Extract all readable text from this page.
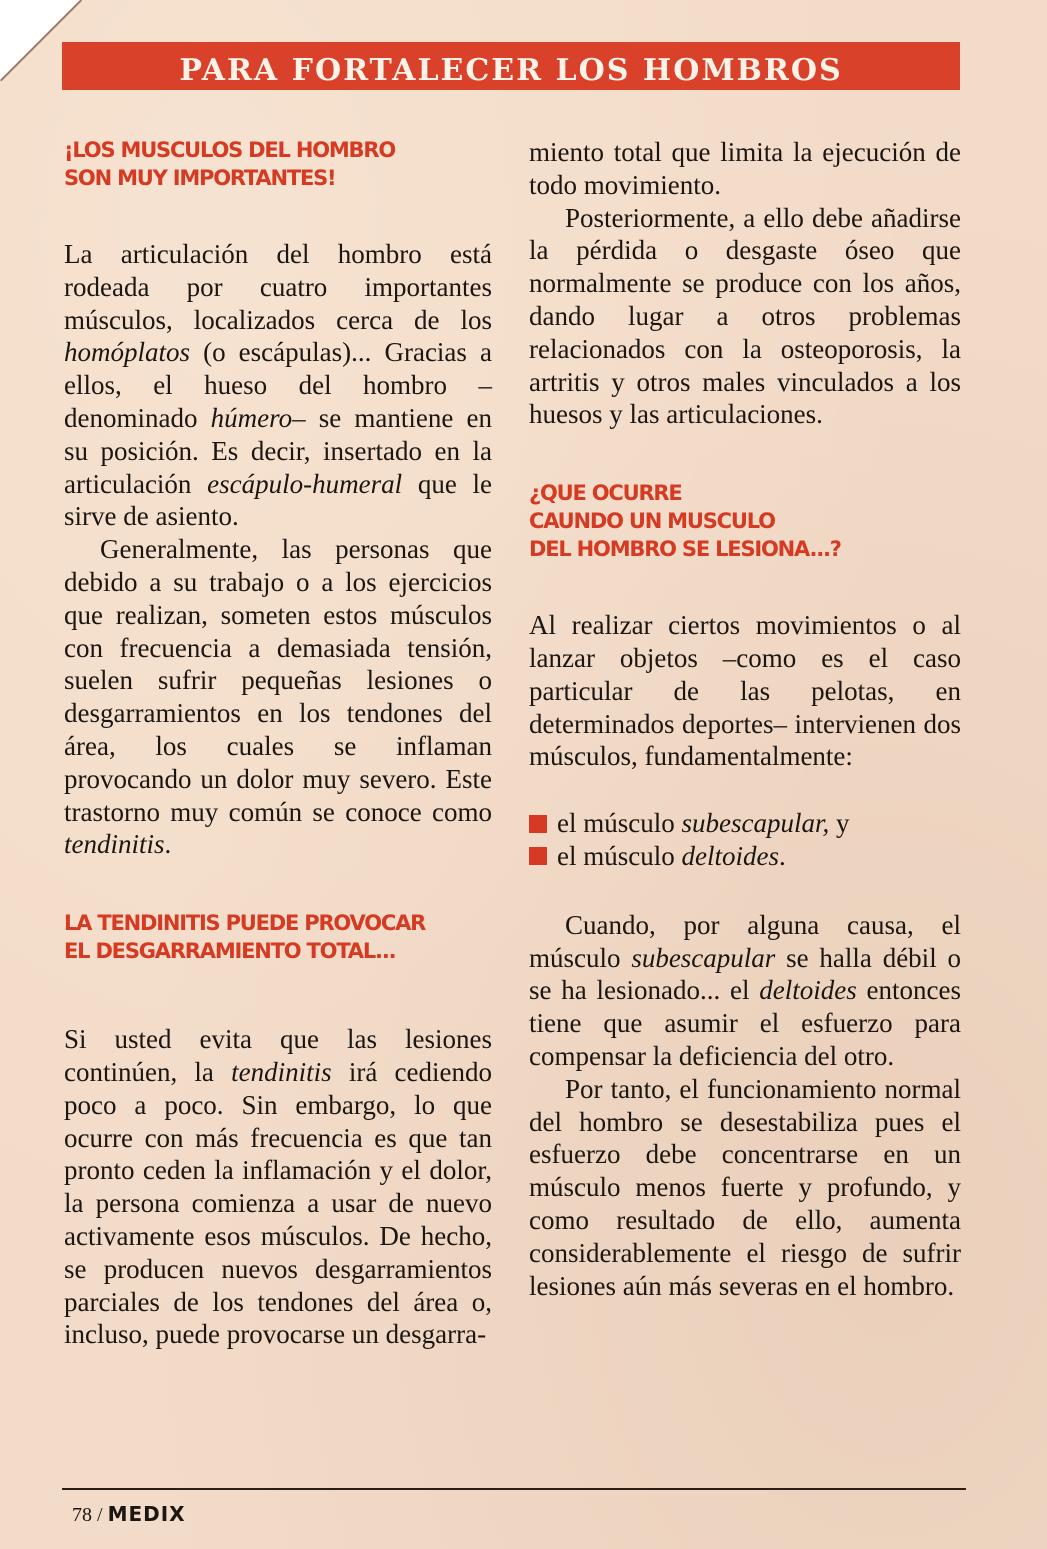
PARA FORTALECER LOS HOMBROS
¡LOS MUSCULOS DEL HOMBRO
SON MUY IMPORTANTES!

La articulación del hombro está rodeada por cuatro importantes músculos, localizados cerca de los homóplatos (o escápulas)... Gracias a ellos, el hueso del hombro –denominado húmero– se mantiene en su posición. Es decir, insertado en la articulación escápulo-humeral que le sirve de asiento.

Generalmente, las personas que debido a su trabajo o a los ejercicios que realizan, someten estos músculos con frecuencia a demasiada tensión, suelen sufrir pequeñas lesiones o desgarramientos en los tendones del área, los cuales se inflaman provocando un dolor muy severo. Este trastorno muy común se conoce como tendinitis.

LA TENDINITIS PUEDE PROVOCAR
EL DESGARRAMIENTO TOTAL...

Si usted evita que las lesiones continúen, la tendinitis irá cediendo poco a poco. Sin embargo, lo que ocurre con más frecuencia es que tan pronto ceden la inflamación y el dolor, la persona comienza a usar de nuevo activamente esos músculos. De hecho, se producen nuevos desgarramientos parciales de los tendones del área o, incluso, puede provocarse un desgarra-

miento total que limita la ejecución de todo movimiento.

Posteriormente, a ello debe añadirse la pérdida o desgaste óseo que normalmente se produce con los años, dando lugar a otros problemas relacionados con la osteoporosis, la artritis y otros males vinculados a los huesos y las articulaciones.

¿QUE OCURRE
CAUNDO UN MUSCULO
DEL HOMBRO SE LESIONA...?

Al realizar ciertos movimientos o al lanzar objetos –como es el caso particular de las pelotas, en determinados deportes– intervienen dos músculos, fundamentalmente:

el músculo subescapular, y
el músculo deltoides.

Cuando, por alguna causa, el músculo subescapular se halla débil o se ha lesionado... el deltoides entonces tiene que asumir el esfuerzo para compensar la deficiencia del otro.

Por tanto, el funcionamiento normal del hombro se desestabiliza pues el esfuerzo debe concentrarse en un músculo menos fuerte y profundo, y como resultado de ello, aumenta considerablemente el riesgo de sufrir lesiones aún más severas en el hombro.

78 / MEDIX
